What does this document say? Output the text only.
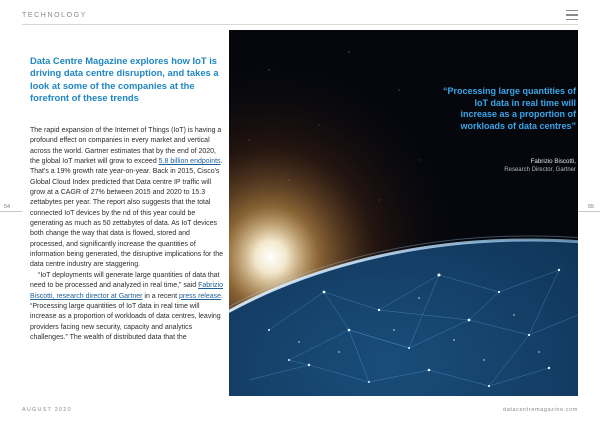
TECHNOLOGY
Data Centre Magazine explores how IoT is driving data centre disruption, and takes a look at some of the companies at the forefront of these trends

The rapid expansion of the Internet of Things (IoT) is having a profound effect on companies in every market and vertical across the world. Gartner estimates that by the end of 2020, the global IoT market will grow to exceed 5.8 billion endpoints. That's a 19% growth rate year-on-year. Back in 2015, Cisco's Global Cloud Index predicted that Data centre IP traffic will grow at a CAGR of 27% between 2015 and 2020 to 15.3 zettabytes per year. The report also suggests that the total connected IoT devices by the nd of this year could be generating as much as 50 zettabytes of data. As IoT devices both change the way that data is flowed, stored and processed, and significantly increase the quantities of information being generated, the disruptive implications for the data centre industry are staggering.

“IoT deployments will generate large quantities of data that need to be processed and analyzed in real time,” said Fabrizio Biscotti, research director at Gartner in a recent press release. “Processing large quantities of IoT data in real time will increase as a proportion of workloads of data centres, leaving providers facing new security, capacity and analytics challenges.” The wealth of distributed data that the

54	55
“Processing large quantities of IoT data in real time will increase as a proportion of workloads of data centres”
Fabrizio Biscotti,
Research Director, Gartner
AUGUST 2020	datacentremagazine.com
